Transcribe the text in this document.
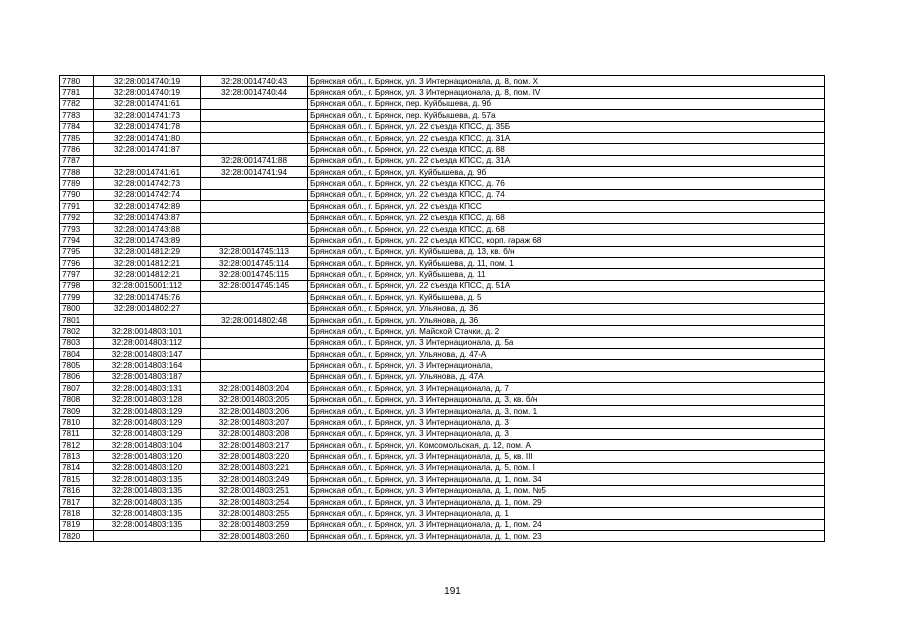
7780	32:28:0014740:19	32:28:0014740:43	Брянская обл., г. Брянск, ул. 3 Интернационала, д. 8, пом. X
7781	32:28:0014740:19	32:28:0014740:44	Брянская обл., г. Брянск, ул. 3 Интернационала, д. 8, пом. IV
7782	32:28:0014741:61		Брянская обл., г. Брянск, пер. Куйбышева, д. 9б
7783	32:28:0014741:73		Брянская обл., г. Брянск, пер. Куйбышева, д. 57а
7784	32:28:0014741:78		Брянская обл., г. Брянск, ул. 22 съезда КПСС, д. 35Б
7785	32:28:0014741:80		Брянская обл., г. Брянск, ул. 22 съезда КПСС, д. 31А
7786	32:28:0014741:87		Брянская обл., г. Брянск, ул. 22 съезда КПСС, д. 88
7787		32:28:0014741:88	Брянская обл., г. Брянск, ул. 22 съезда КПСС, д. 31А
7788	32:28:0014741:61	32:28:0014741:94	Брянская обл., г. Брянск, ул. Куйбышева, д. 9б
7789	32:28:0014742:73		Брянская обл., г. Брянск, ул. 22 съезда КПСС, д. 76
7790	32:28:0014742:74		Брянская обл., г. Брянск, ул. 22 съезда КПСС, д. 74
7791	32:28:0014742:89		Брянская обл., г. Брянск, ул. 22 съезда КПСС
7792	32:28:0014743:87		Брянская обл., г. Брянск, ул. 22 съезда КПСС, д. 68
7793	32:28:0014743:88		Брянская обл., г. Брянск, ул. 22 съезда КПСС, д. 68
7794	32:28:0014743:89		Брянская обл., г. Брянск, ул. 22 съезда КПСС, корп. гараж 68
7795	32:28:0014812:29	32:28:0014745:113	Брянская обл., г. Брянск, ул. Куйбышева, д. 13, кв. б/н
7796	32:28:0014812:21	32:28:0014745:114	Брянская обл., г. Брянск, ул. Куйбышева, д. 11, пом. 1
7797	32:28:0014812:21	32:28:0014745:115	Брянская обл., г. Брянск, ул. Куйбышева, д. 11
7798	32:28:0015001:112	32:28:0014745:145	Брянская обл., г. Брянск, ул. 22 съезда КПСС, д. 51А
7799	32:28:0014745:76		Брянская обл., г. Брянск, ул. Куйбышева, д. 5
7800	32:28:0014802:27		Брянская обл., г. Брянск, ул. Ульянова, д. 36
7801		32:28:0014802:48	Брянская обл., г. Брянск, ул. Ульянова, д. 36
7802	32:28:0014803:101		Брянская обл., г. Брянск, ул. Майской Стачки, д. 2
7803	32:28:0014803:112		Брянская обл., г. Брянск, ул. 3 Интернационала, д. 5а
7804	32:28:0014803:147		Брянская обл., г. Брянск, ул. Ульянова, д. 47-А
7805	32:28:0014803:164		Брянская обл., г. Брянск, ул. 3 Интернационала,
7806	32:28:0014803:187		Брянская обл., г. Брянск, ул. Ульянова, д. 47А
7807	32:28:0014803:131	32:28:0014803:204	Брянская обл., г. Брянск, ул. 3 Интернационала, д. 7
7808	32:28:0014803:128	32:28:0014803:205	Брянская обл., г. Брянск, ул. 3 Интернационала, д. 3, кв. б/н
7809	32:28:0014803:129	32:28:0014803:206	Брянская обл., г. Брянск, ул. 3 Интернационала, д. 3, пом. 1
7810	32:28:0014803:129	32:28:0014803:207	Брянская обл., г. Брянск, ул. 3 Интернационала, д. 3
7811	32:28:0014803:129	32:28:0014803:208	Брянская обл., г. Брянск, ул. 3 Интернационала, д. 3
7812	32:28:0014803:104	32:28:0014803:217	Брянская обл., г. Брянск, ул. Комсомольская, д. 12, пом. А
7813	32:28:0014803:120	32:28:0014803:220	Брянская обл., г. Брянск, ул. 3 Интернационала, д. 5, кв. III
7814	32:28:0014803:120	32:28:0014803:221	Брянская обл., г. Брянск, ул. 3 Интернационала, д. 5, пом. I
7815	32:28:0014803:135	32:28:0014803:249	Брянская обл., г. Брянск, ул. 3 Интернационала, д. 1, пом. 34
7816	32:28:0014803:135	32:28:0014803:251	Брянская обл., г. Брянск, ул. 3 Интернационала, д. 1, пом. №5
7817	32:28:0014803:135	32:28:0014803:254	Брянская обл., г. Брянск, ул. 3 Интернационала, д. 1, пом. 29
7818	32:28:0014803:135	32:28:0014803:255	Брянская обл., г. Брянск, ул. 3 Интернационала, д. 1
7819	32:28:0014803:135	32:28:0014803:259	Брянская обл., г. Брянск, ул. 3 Интернационала, д. 1, пом. 24
7820		32:28:0014803:260	Брянская обл., г. Брянск, ул. 3 Интернационала, д. 1, пом. 23
191
